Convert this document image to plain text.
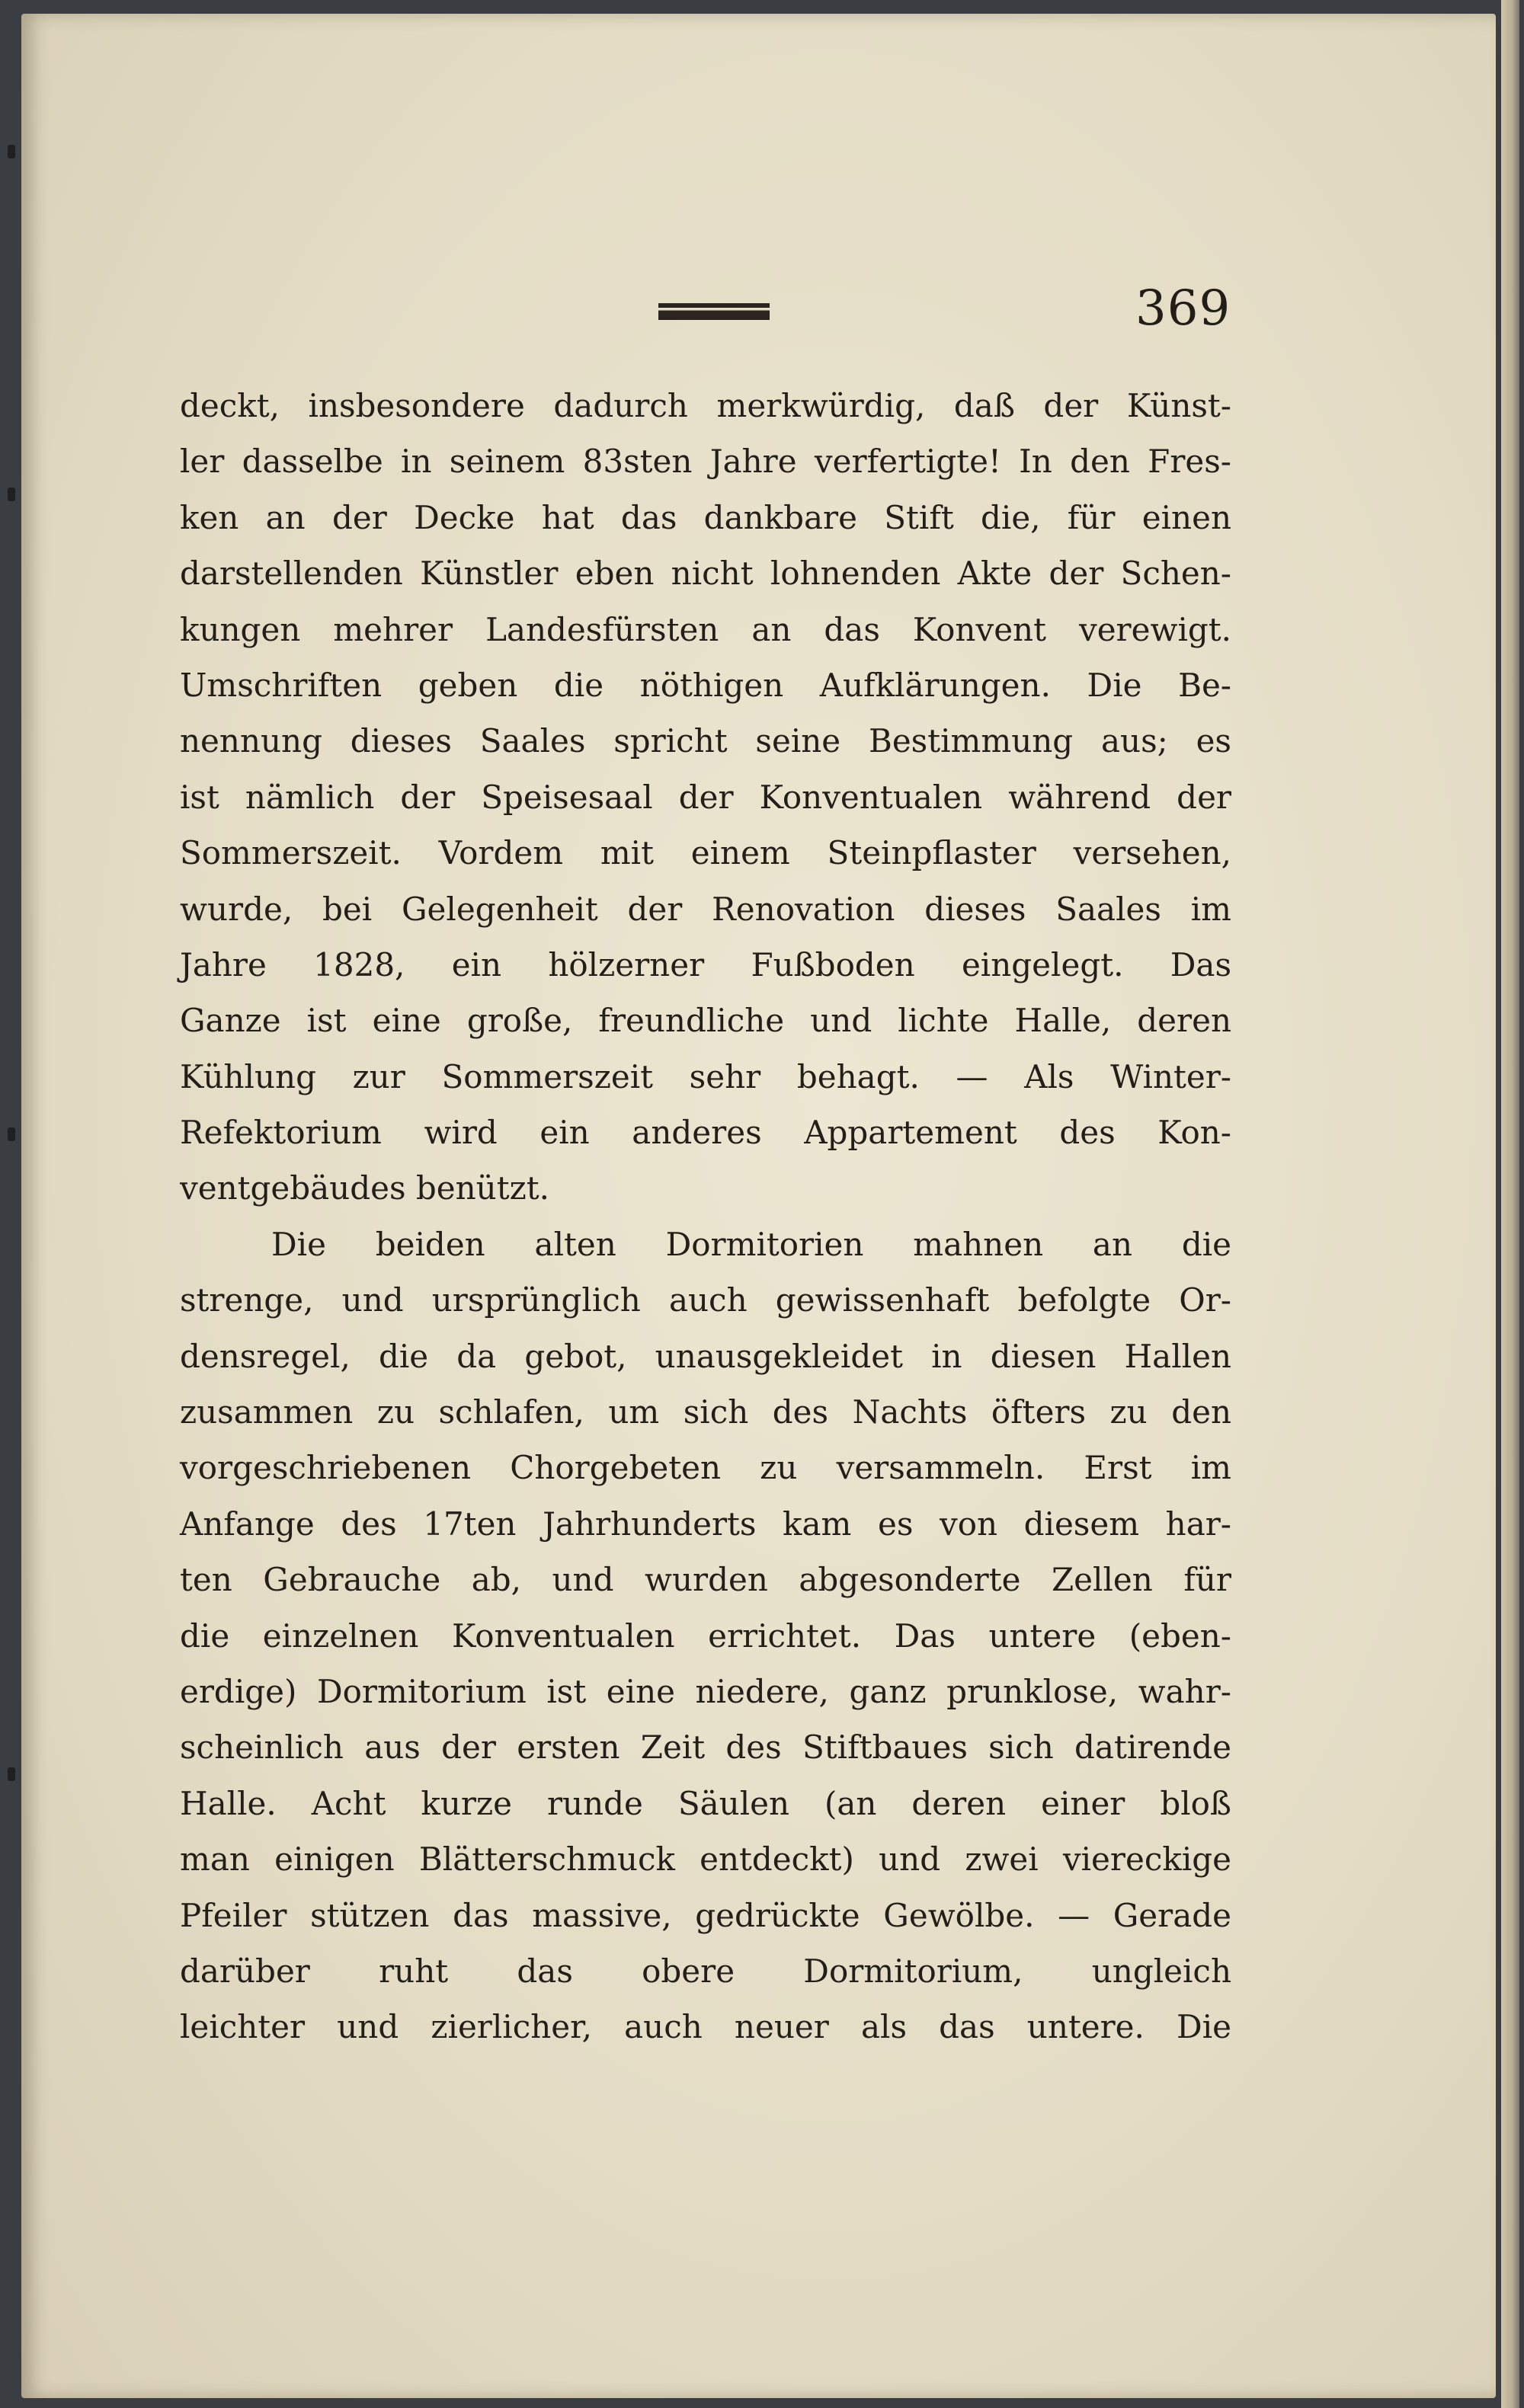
369
deckt, insbesondere dadurch merkwürdig, daß der Künst-
ler dasselbe in seinem 83sten Jahre verfertigte! In den Fres-
ken an der Decke hat das dankbare Stift die, für einen
darstellenden Künstler eben nicht lohnenden Akte der Schen-
kungen mehrer Landesfürsten an das Konvent verewigt.
Umschriften geben die nöthigen Aufklärungen. Die Be-
nennung dieses Saales spricht seine Bestimmung aus; es
ist nämlich der Speisesaal der Konventualen während der
Sommerszeit. Vordem mit einem Steinpflaster versehen,
wurde, bei Gelegenheit der Renovation dieses Saales im
Jahre 1828, ein hölzerner Fußboden eingelegt. Das
Ganze ist eine große, freundliche und lichte Halle, deren
Kühlung zur Sommerszeit sehr behagt. — Als Winter-
Refektorium wird ein anderes Appartement des Kon-
ventgebäudes benützt.
Die beiden alten Dormitorien mahnen an die
strenge, und ursprünglich auch gewissenhaft befolgte Or-
densregel, die da gebot, unausgekleidet in diesen Hallen
zusammen zu schlafen, um sich des Nachts öfters zu den
vorgeschriebenen Chorgebeten zu versammeln. Erst im
Anfange des 17ten Jahrhunderts kam es von diesem har-
ten Gebrauche ab, und wurden abgesonderte Zellen für
die einzelnen Konventualen errichtet. Das untere (eben-
erdige) Dormitorium ist eine niedere, ganz prunklose, wahr-
scheinlich aus der ersten Zeit des Stiftbaues sich datirende
Halle. Acht kurze runde Säulen (an deren einer bloß
man einigen Blätterschmuck entdeckt) und zwei viereckige
Pfeiler stützen das massive, gedrückte Gewölbe. — Gerade
darüber ruht das obere Dormitorium, ungleich
leichter und zierlicher, auch neuer als das untere. Die
